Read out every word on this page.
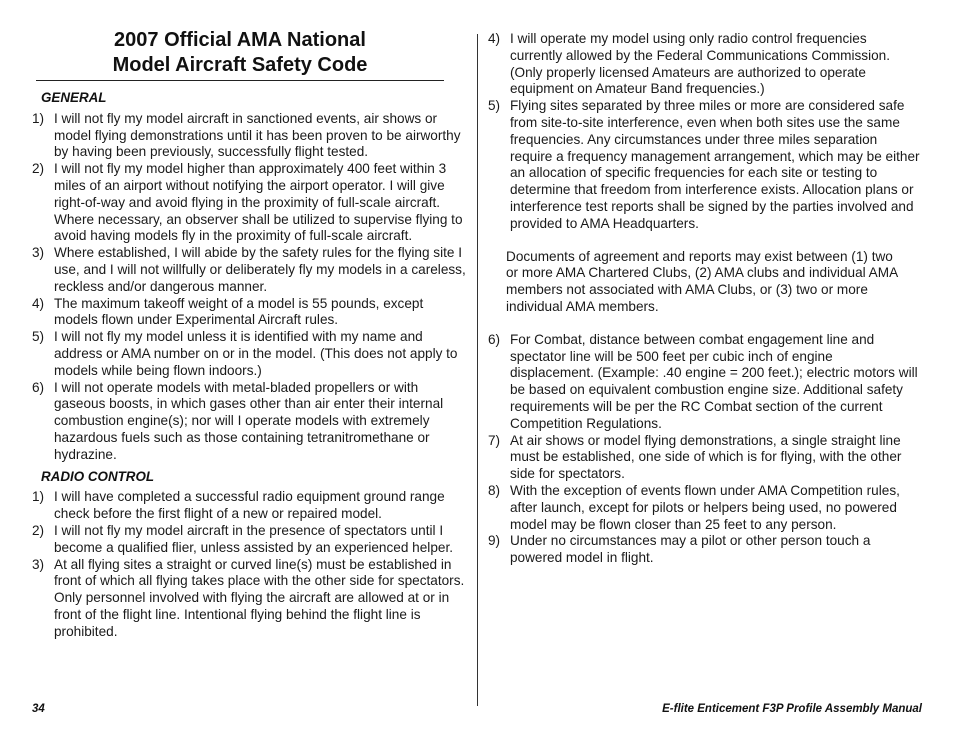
2007 Official AMA National
Model Aircraft Safety Code

GENERAL

1) I will not fly my model aircraft in sanctioned events, air shows or model flying demonstrations until it has been proven to be airworthy by having been previously, successfully flight tested.
2) I will not fly my model higher than approximately 400 feet within 3 miles of an airport without notifying the airport operator. I will give right-of-way and avoid flying in the proximity of full-scale aircraft. Where necessary, an observer shall be utilized to supervise flying to avoid having models fly in the proximity of full-scale aircraft.
3) Where established, I will abide by the safety rules for the flying site I use, and I will not willfully or deliberately fly my models in a careless, reckless and/or dangerous manner.
4) The maximum takeoff weight of a model is 55 pounds, except models flown under Experimental Aircraft rules.
5) I will not fly my model unless it is identified with my name and address or AMA number on or in the model. (This does not apply to models while being flown indoors.)
6) I will not operate models with metal-bladed propellers or with gaseous boosts, in which gases other than air enter their internal combustion engine(s); nor will I operate models with extremely hazardous fuels such as those containing tetranitromethane or hydrazine.

RADIO CONTROL

1) I will have completed a successful radio equipment ground range check before the first flight of a new or repaired model.
2) I will not fly my model aircraft in the presence of spectators until I become a qualified flier, unless assisted by an experienced helper.
3) At all flying sites a straight or curved line(s) must be established in front of which all flying takes place with the other side for spectators. Only personnel involved with flying the aircraft are allowed at or in front of the flight line. Intentional flying behind the flight line is prohibited.
4) I will operate my model using only radio control frequencies currently allowed by the Federal Communications Commission. (Only properly licensed Amateurs are authorized to operate equipment on Amateur Band frequencies.)
5) Flying sites separated by three miles or more are considered safe from site-to-site interference, even when both sites use the same frequencies. Any circumstances under three miles separation require a frequency management arrangement, which may be either an allocation of specific frequencies for each site or testing to determine that freedom from interference exists. Allocation plans or interference test reports shall be signed by the parties involved and provided to AMA Headquarters.

Documents of agreement and reports may exist between (1) two or more AMA Chartered Clubs, (2) AMA clubs and individual AMA members not associated with AMA Clubs, or (3) two or more individual AMA members.

6) For Combat, distance between combat engagement line and spectator line will be 500 feet per cubic inch of engine displacement. (Example: .40 engine = 200 feet.); electric motors will be based on equivalent combustion engine size. Additional safety requirements will be per the RC Combat section of the current Competition Regulations.
7) At air shows or model flying demonstrations, a single straight line must be established, one side of which is for flying, with the other side for spectators.
8) With the exception of events flown under AMA Competition rules, after launch, except for pilots or helpers being used, no powered model may be flown closer than 25 feet to any person.
9) Under no circumstances may a pilot or other person touch a powered model in flight.

34	E-flite Enticement F3P Profile Assembly Manual
